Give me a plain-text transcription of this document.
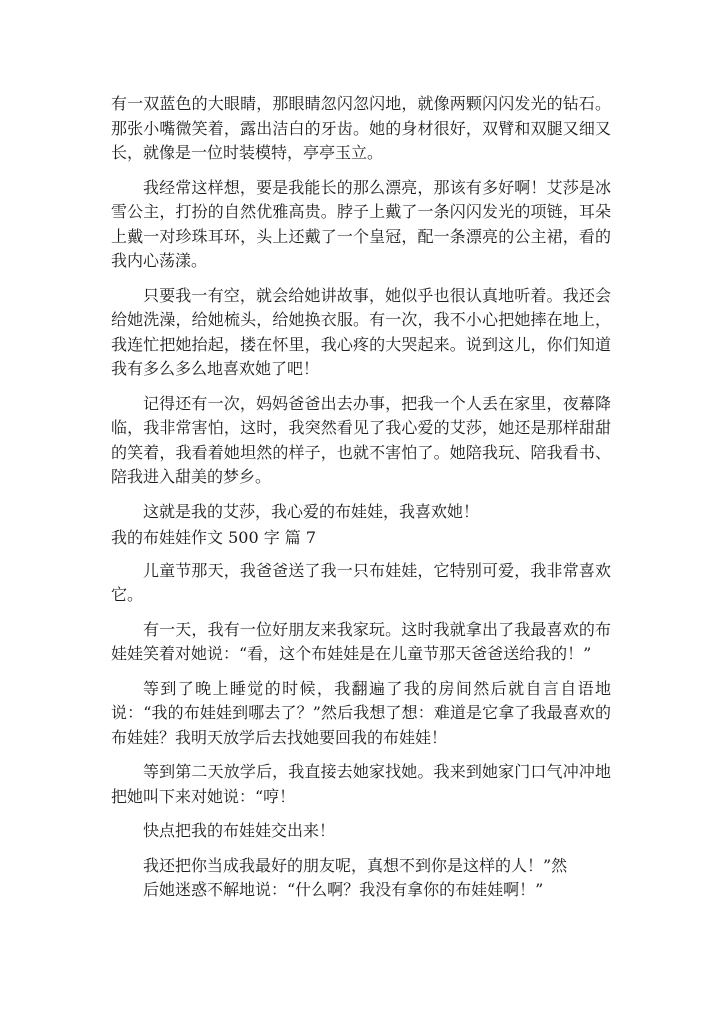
有一双蓝色的大眼睛，那眼睛忽闪忽闪地，就像两颗闪闪发光的钻石。那张小嘴微笑着，露出洁白的牙齿。她的身材很好，双臂和双腿又细又长，就像是一位时装模特，亭亭玉立。

我经常这样想，要是我能长的那么漂亮，那该有多好啊！艾莎是冰雪公主，打扮的自然优雅高贵。脖子上戴了一条闪闪发光的项链，耳朵上戴一对珍珠耳环，头上还戴了一个皇冠，配一条漂亮的公主裙，看的我内心荡漾。

只要我一有空，就会给她讲故事，她似乎也很认真地听着。我还会给她洗澡，给她梳头，给她换衣服。有一次，我不小心把她摔在地上，我连忙把她抬起，搂在怀里，我心疼的大哭起来。说到这儿，你们知道我有多么多么地喜欢她了吧！

记得还有一次，妈妈爸爸出去办事，把我一个人丢在家里，夜幕降临，我非常害怕，这时，我突然看见了我心爱的艾莎，她还是那样甜甜的笑着，我看着她坦然的样子，也就不害怕了。她陪我玩、陪我看书、陪我进入甜美的梦乡。

这就是我的艾莎，我心爱的布娃娃，我喜欢她！

我的布娃娃作文 500 字 篇 7

儿童节那天，我爸爸送了我一只布娃娃，它特别可爱，我非常喜欢它。

有一天，我有一位好朋友来我家玩。这时我就拿出了我最喜欢的布娃娃笑着对她说：“看，这个布娃娃是在儿童节那天爸爸送给我的！”

等到了晚上睡觉的时候，我翻遍了我的房间然后就自言自语地说：“我的布娃娃到哪去了？”然后我想了想：难道是它拿了我最喜欢的布娃娃？我明天放学后去找她要回我的布娃娃！

等到第二天放学后，我直接去她家找她。我来到她家门口气冲冲地把她叫下来对她说：“哼！

快点把我的布娃娃交出来！

我还把你当成我最好的朋友呢，真想不到你是这样的人！”然
后她迷惑不解地说：“什么啊？我没有拿你的布娃娃啊！”
